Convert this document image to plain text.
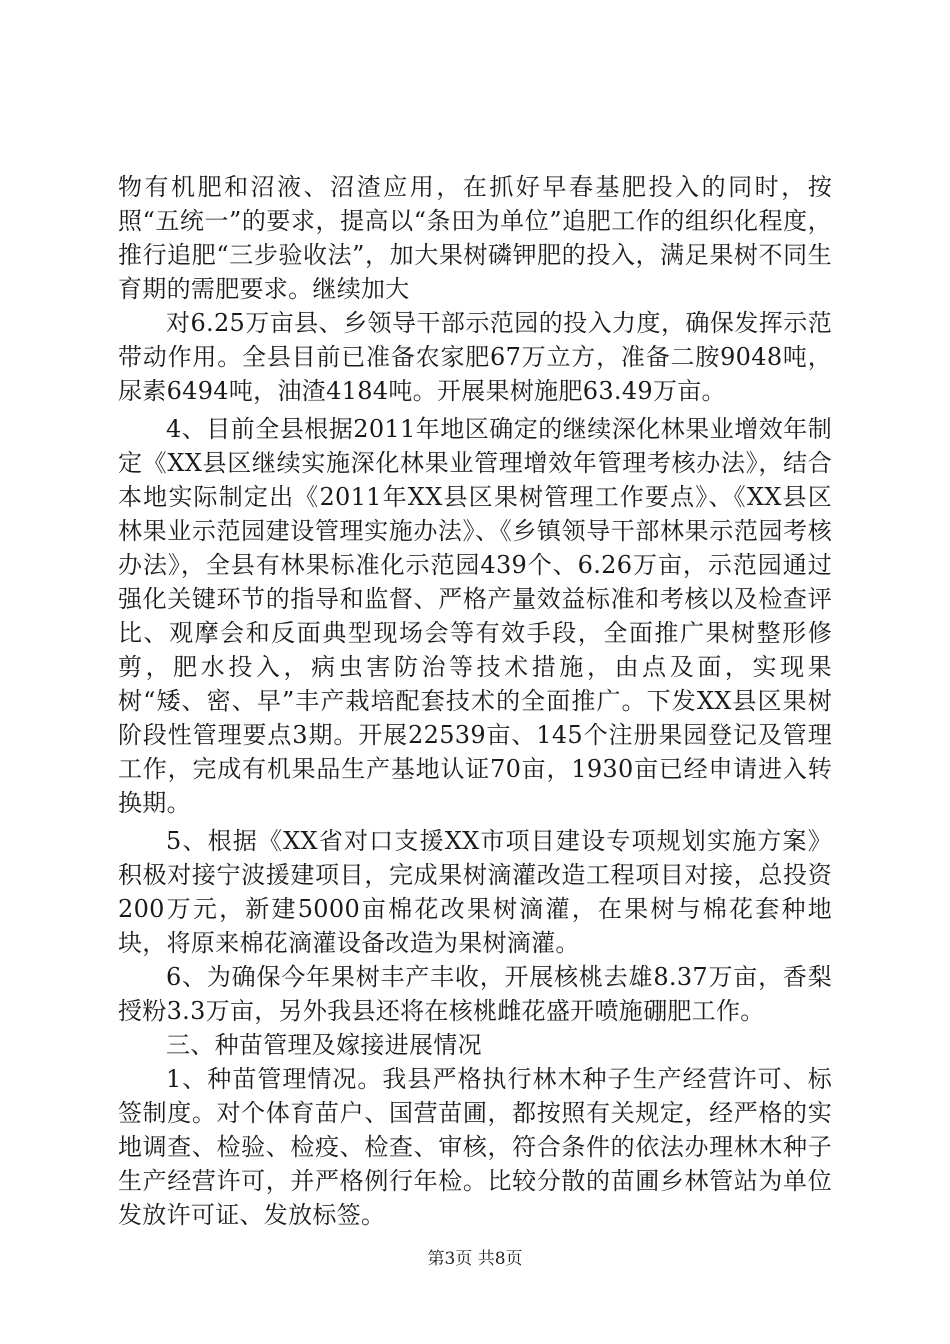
物有机肥和沼液、沼渣应用，在抓好早春基肥投入的同时，按照“五统一”的要求，提高以“条田为单位”追肥工作的组织化程度，推行追肥“三步验收法”，加大果树磷钾肥的投入，满足果树不同生育期的需肥要求。继续加大

对6.25万亩县、乡领导干部示范园的投入力度，确保发挥示范带动作用。全县目前已准备农家肥67万立方，准备二胺9048吨，尿素6494吨，油渣4184吨。开展果树施肥63.49万亩。

4、目前全县根据2011年地区确定的继续深化林果业增效年制定《XX县区继续实施深化林果业管理增效年管理考核办法》，结合本地实际制定出《2011年XX县区果树管理工作要点》、《XX县区林果业示范园建设管理实施办法》、《乡镇领导干部林果示范园考核办法》，全县有林果标准化示范园439个、6.26万亩，示范园通过强化关键环节的指导和监督、严格产量效益标准和考核以及检查评比、观摩会和反面典型现场会等有效手段，全面推广果树整形修剪，肥水投入，病虫害防治等技术措施，由点及面，实现果树“矮、密、早”丰产栽培配套技术的全面推广。下发XX县区果树阶段性管理要点3期。开展22539亩、145个注册果园登记及管理工作，完成有机果品生产基地认证70亩，1930亩已经申请进入转换期。

5、根据《XX省对口支援XX市项目建设专项规划实施方案》积极对接宁波援建项目，完成果树滴灌改造工程项目对接，总投资200万元，新建5000亩棉花改果树滴灌，在果树与棉花套种地块，将原来棉花滴灌设备改造为果树滴灌。

6、为确保今年果树丰产丰收，开展核桃去雄8.37万亩，香梨授粉3.3万亩，另外我县还将在核桃雌花盛开喷施硼肥工作。

三、种苗管理及嫁接进展情况

1、种苗管理情况。我县严格执行林木种子生产经营许可、标签制度。对个体育苗户、国营苗圃，都按照有关规定，经严格的实地调查、检验、检疫、检查、审核，符合条件的依法办理林木种子生产经营许可，并严格例行年检。比较分散的苗圃乡林管站为单位发放许可证、发放标签。

第3页 共8页
